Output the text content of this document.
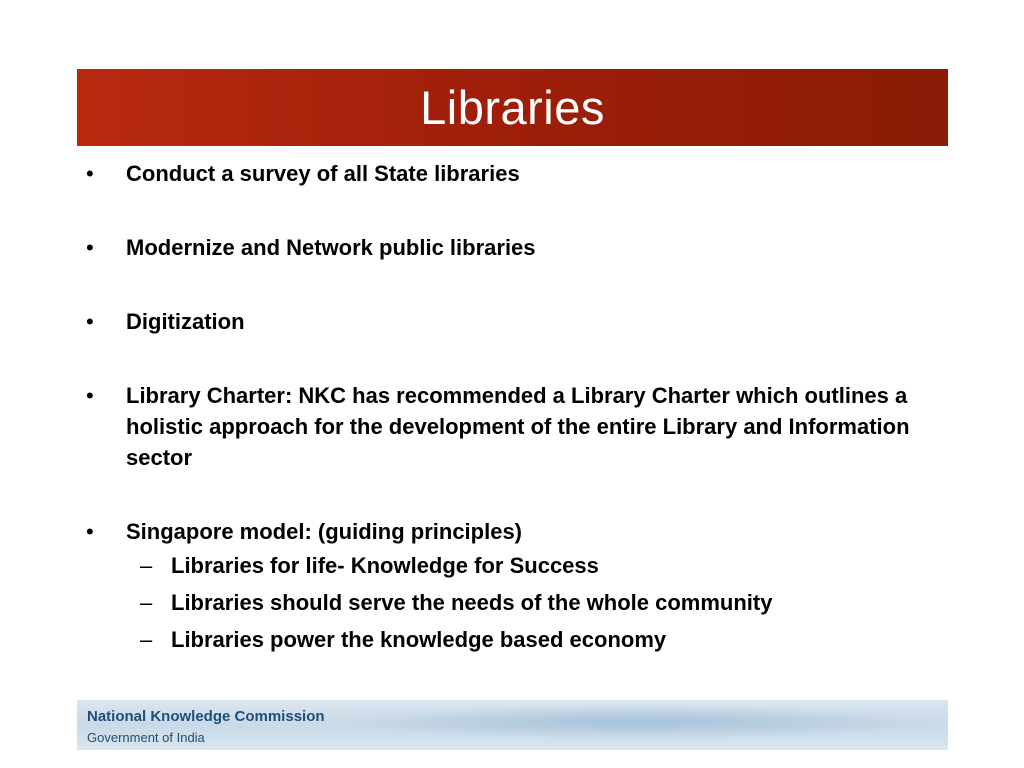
Libraries
•	Conduct a survey of all State libraries
•	Modernize and Network public libraries
•	Digitization
•	Library Charter: NKC has recommended a Library Charter which outlines a holistic approach for the development of the entire Library and Information sector
•	Singapore model: (guiding principles)
– Libraries for life- Knowledge for Success
– Libraries should serve the needs of the whole community
– Libraries power the knowledge based economy
National Knowledge Commission
Government of India
